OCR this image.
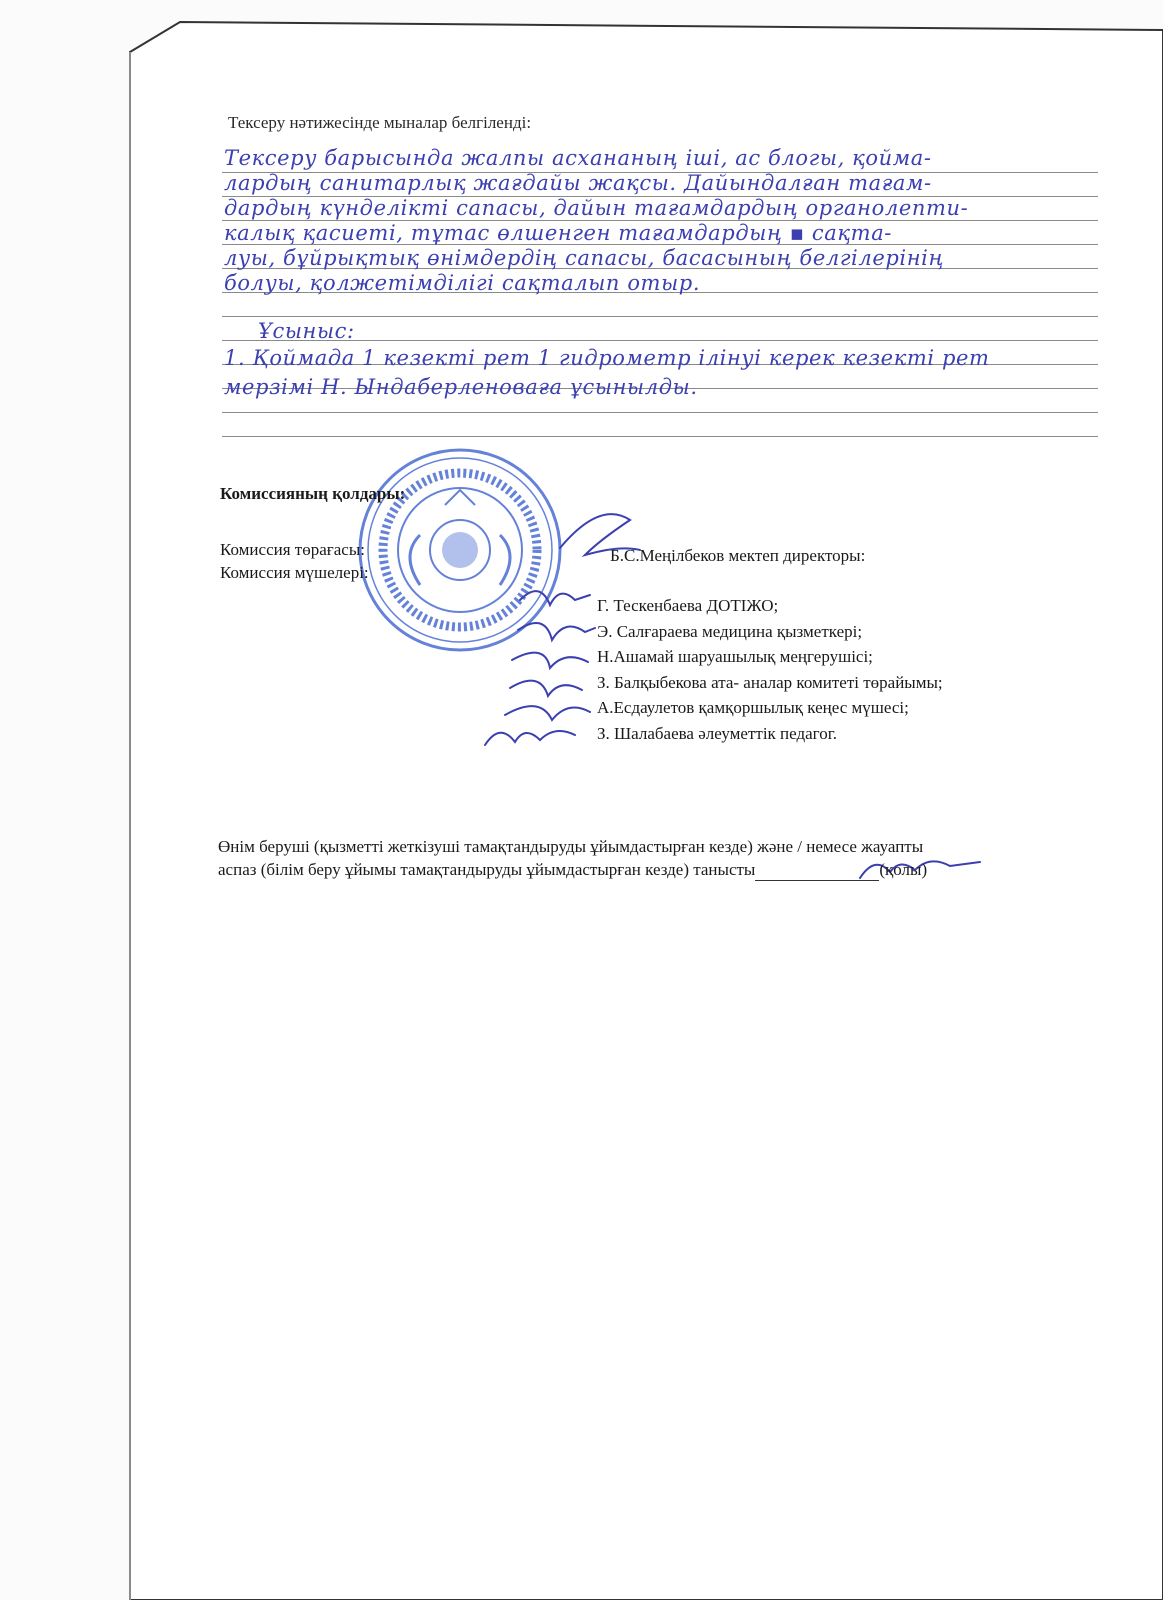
Тексеру нәтижесінде мыналар белгіленді:
Тексеру барысында жалпы асхананың іші, ас блогы, қойма-
лардың санитарлық жағдайы жақсы. Дайындалған тағам-
дардың күнделікті сапасы, дайын тағамдардың органолепти-
калық қасиеті, тұтас өлшенген тағамдардың ▪ сақта-
луы, бұйрықтық өнімдердің сапасы, басасының белгілерінің
болуы, қолжетімділігі сақталып отыр.
Ұсыныс:
1. Қоймада 1 кезекті рет 1 гидрометр ілінуі керек кезекті рет
мерзімі Н. Ындаберленоваға ұсынылды.
Комиссияның қолдары:
Комиссия төрағасы:
Комиссия мүшелері:
Б.С.Меңілбеков мектеп директоры:
Г. Тескенбаева ДОТІЖО;
Э. Салғараева медицина қызметкері;
Н.Ашамай шаруашылық меңгерушісі;
З. Балқыбекова ата- аналар комитеті төрайымы;
А.Есдаулетов қамқоршылық кеңес мүшесі;
З. Шалабаева әлеуметтік педагог.
Өнім беруші (қызметті жеткізуші тамақтандыруды ұйымдастырған кезде) және / немесе жауапты
аспаз (білім беру ұйымы тамақтандыруды ұйымдастырған кезде) танысты	(қолы)
